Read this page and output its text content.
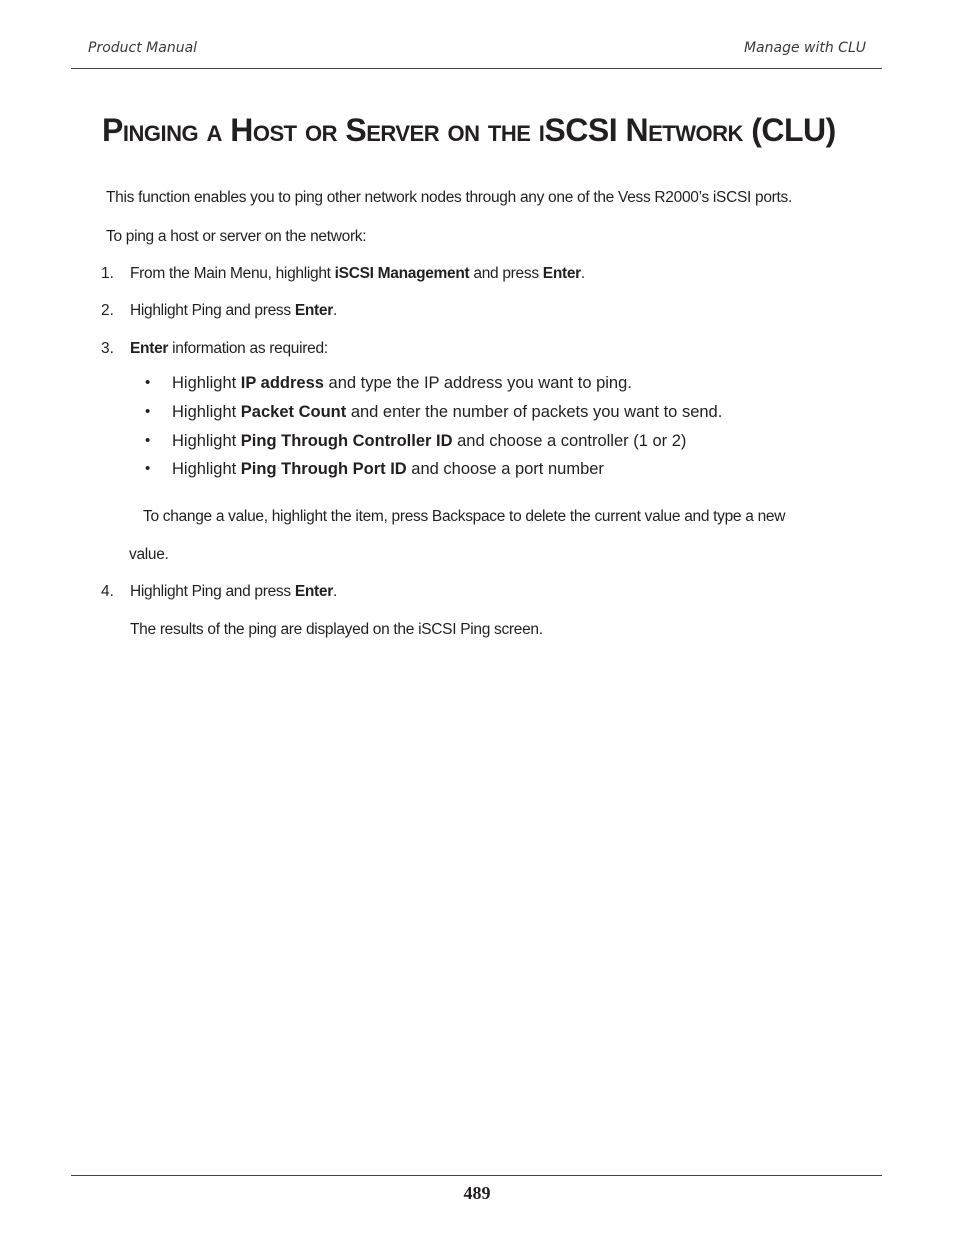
Product Manual	Manage with CLU
Pinging a Host or Server on the iSCSI Network (CLU)
This function enables you to ping other network nodes through any one of the Vess R2000’s iSCSI ports.
To ping a host or server on the network:
1. From the Main Menu, highlight iSCSI Management and press Enter.
2. Highlight Ping and press Enter.
3. Enter information as required:
• Highlight IP address and type the IP address you want to ping.
• Highlight Packet Count and enter the number of packets you want to send.
• Highlight Ping Through Controller ID and choose a controller (1 or 2)
• Highlight Ping Through Port ID and choose a port number
To change a value, highlight the item, press Backspace to delete the current value and type a new
value.
4. Highlight Ping and press Enter.
The results of the ping are displayed on the iSCSI Ping screen.
489
